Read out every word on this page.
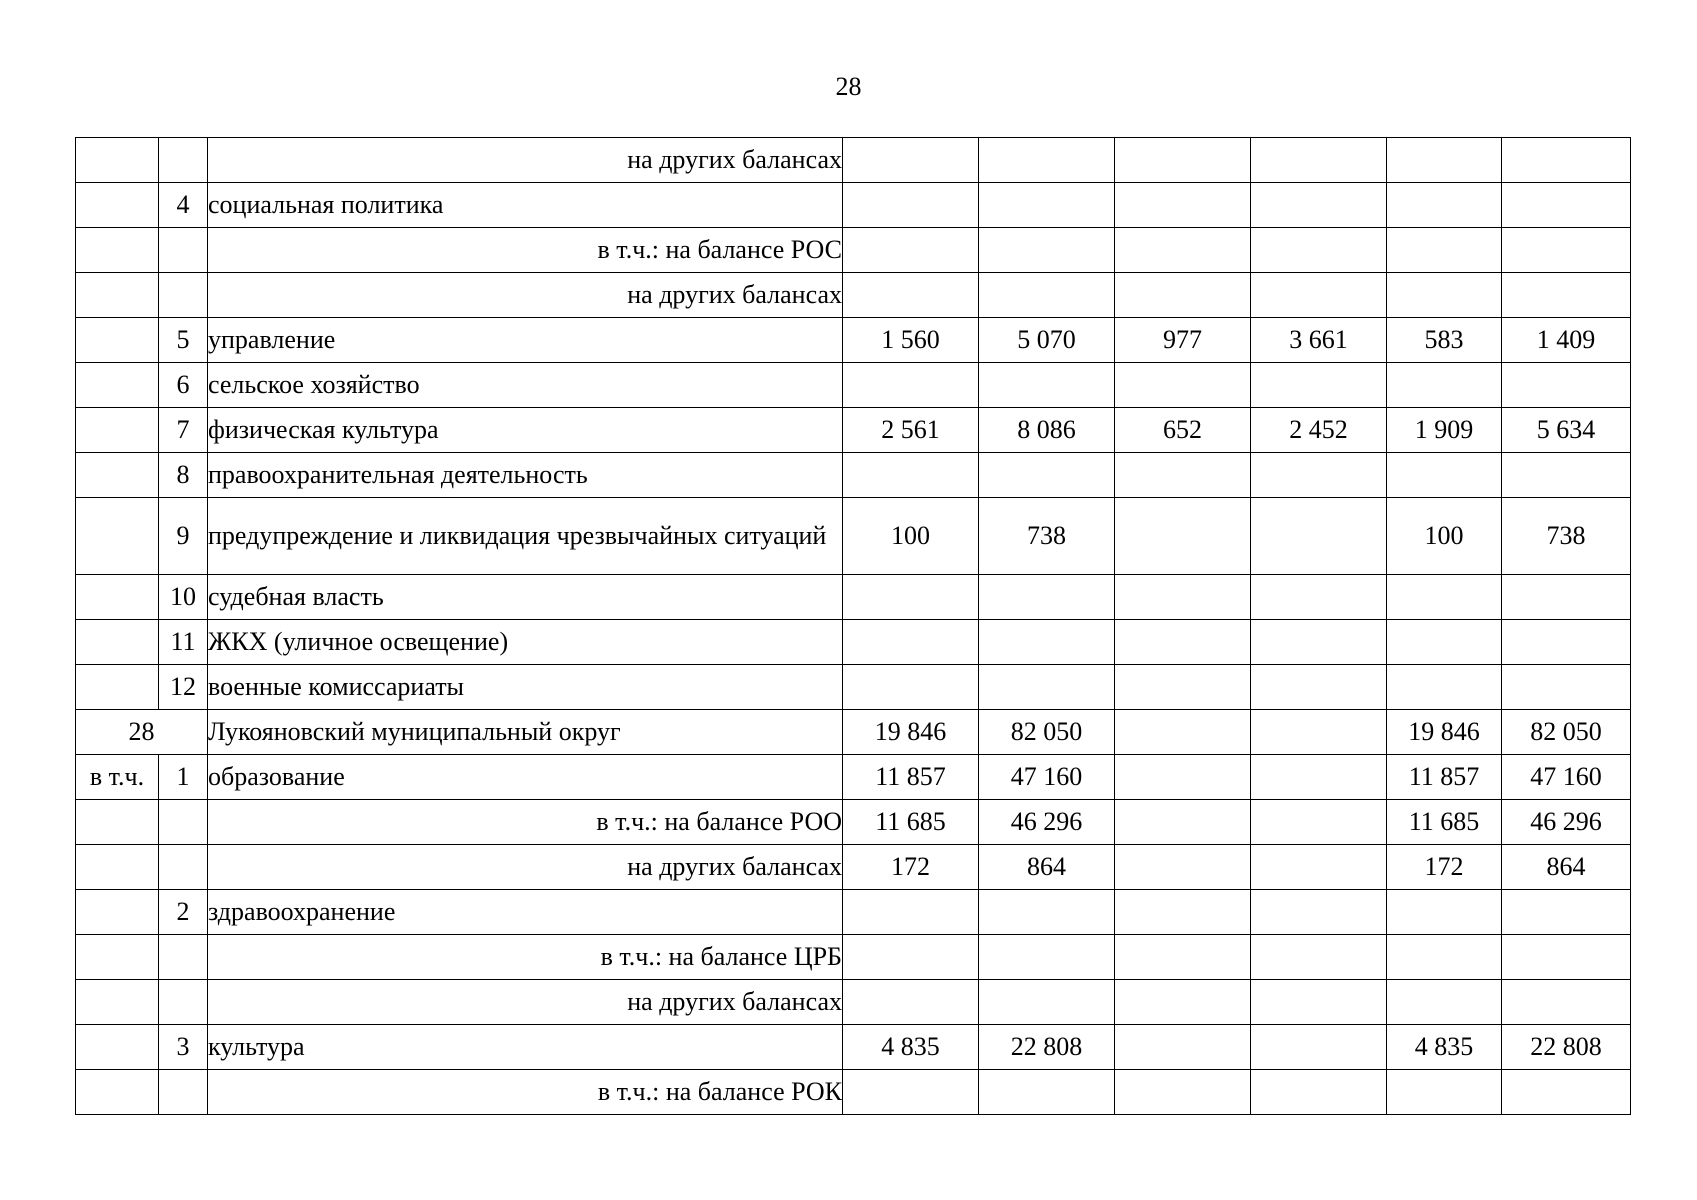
28
		на других балансах						
	4	социальная политика						
		в т.ч.: на балансе РОС						
		на других балансах						
	5	управление	1 560	5 070	977	3 661	583	1 409
	6	сельское хозяйство						
	7	физическая культура	2 561	8 086	652	2 452	1 909	5 634
	8	правоохранительная деятельность						
	9	предупреждение и ликвидация чрезвычайных ситуаций	100	738			100	738
	10	судебная власть						
	11	ЖКХ (уличное освещение)						
	12	военные комиссариаты						
28		Лукояновский муниципальный округ	19 846	82 050			19 846	82 050
в т.ч.	1	образование	11 857	47 160			11 857	47 160
		в т.ч.: на балансе РОО	11 685	46 296			11 685	46 296
		на других балансах	172	864			172	864
	2	здравоохранение						
		в т.ч.: на балансе ЦРБ						
		на других балансах						
	3	культура	4 835	22 808			4 835	22 808
		в т.ч.: на балансе РОК						
